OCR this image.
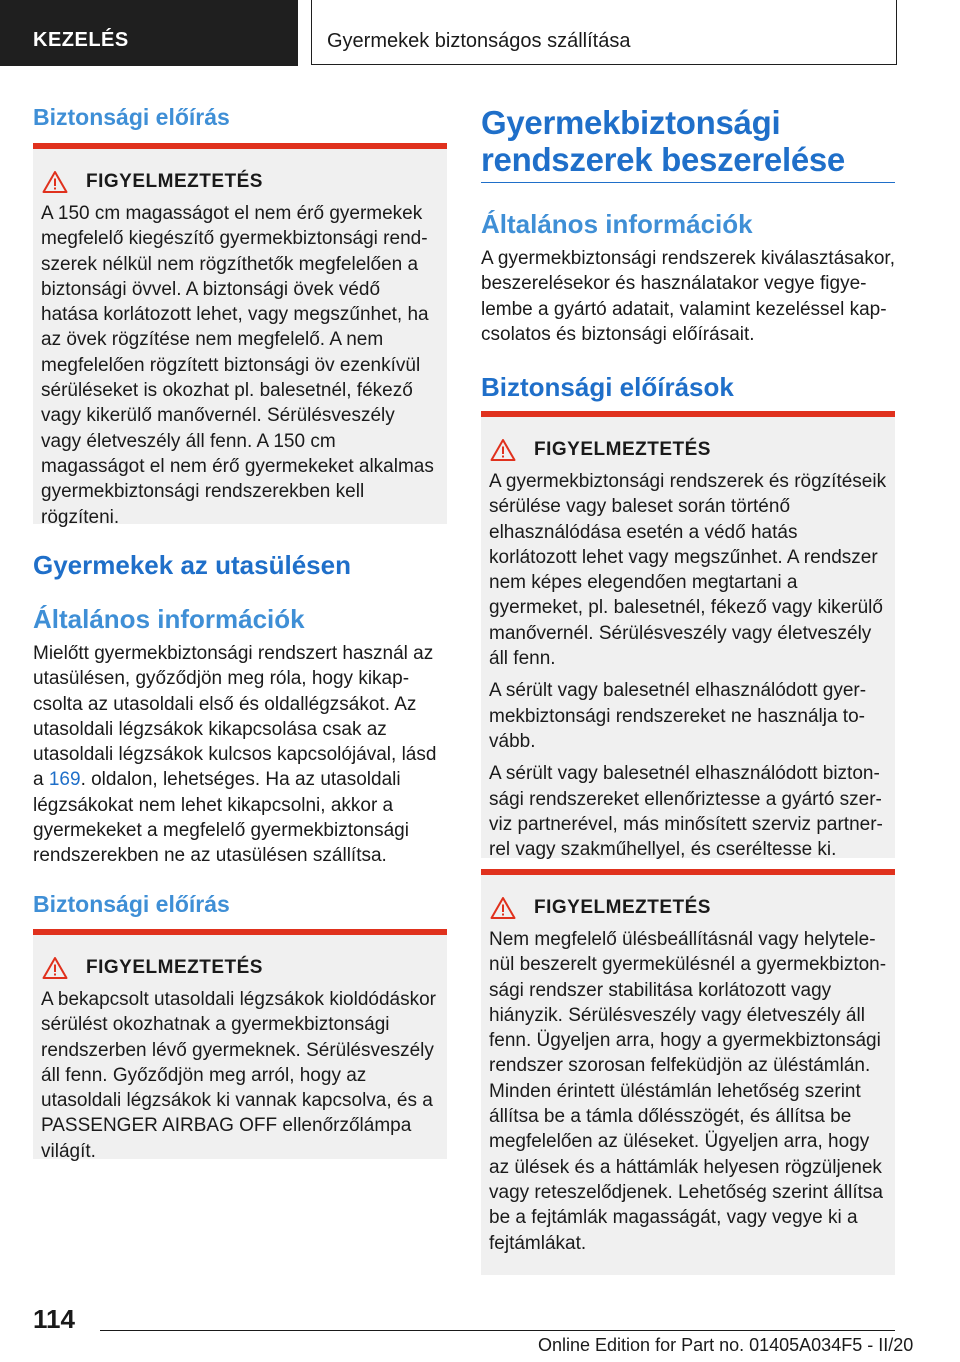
KEZELÉS	Gyermekek biztonságos szállítása
Biztonsági előírás
FIGYELMEZTETÉS
A 150 cm magasságot el nem érő gyermekek megfelelő kiegészítő gyermekbiztonsági rendszerek nélkül nem rögzíthetők megfelelően a biztonsági övvel. A biztonsági övek védő hatása korlátozott lehet, vagy megszűnhet, ha az övek rögzítése nem megfelelő. A nem megfelelően rögzített biztonsági öv ezenkívül sérüléseket is okozhat pl. balesetnél, fékező vagy kikerülő manővernél. Sérülésveszély vagy életveszély áll fenn. A 150 cm magasságot el nem érő gyermekeket alkalmas gyermekbiztonsági rendszerekben kell rögzíteni.
Gyermekek az utasülésen
Általános információk
Mielőtt gyermekbiztonsági rendszert használ az utasülésen, győződjön meg róla, hogy kikapcsolta az utasoldali első és oldallégzsákot. Az utasoldali légzsákok kikapcsolása csak az utasoldali légzsákok kulcsos kapcsolójával, lásd a 169. oldalon, lehetséges. Ha az utasoldali légzsákokat nem lehet kikapcsolni, akkor a gyermekeket a megfelelő gyermekbiztonsági rendszerekben ne az utasülésen szállítsa.
Biztonsági előírás
FIGYELMEZTETÉS
A bekapcsolt utasoldali légzsákok kioldódáskor sérülést okozhatnak a gyermekbiztonsági rendszerben lévő gyermeknek. Sérülésveszély áll fenn. Győződjön meg arról, hogy az utasoldali légzsákok ki vannak kapcsolva, és a PASSENGER AIRBAG OFF ellenőrzőlámpa világít.
Gyermekbiztonsági rendszerek beszerelése
Általános információk
A gyermekbiztonsági rendszerek kiválasztásakor, beszerelésekor és használatakor vegye figyelembe a gyártó adatait, valamint kezeléssel kapcsolatos és biztonsági előírásait.
Biztonsági előírások
FIGYELMEZTETÉS

A gyermekbiztonsági rendszerek és rögzítéseik sérülése vagy baleset során történő elhasználódása esetén a védő hatás korlátozott lehet vagy megszűnhet. A rendszer nem képes elegendően megtartani a gyermeket, pl. balesetnél, fékező vagy kikerülő manővernél. Sérülésveszély vagy életveszély áll fenn.

A sérült vagy balesetnél elhasználódott gyermekbiztonsági rendszereket ne használja tovább.

A sérült vagy balesetnél elhasználódott biztonsági rendszereket ellenőriztesse a gyártó szerviz partnerével, más minősített szerviz partnerrel vagy szakműhellyel, és cseréltesse ki.

FIGYELMEZTETÉS
Nem megfelelő ülésbeállításnál vagy helytelenül beszerelt gyermekülésnél a gyermekbiztonsági rendszer stabilitása korlátozott vagy hiányzik. Sérülésveszély vagy életveszély áll fenn. Ügyeljen arra, hogy a gyermekbiztonsági rendszer szorosan felfeküdjön az üléstámlán. Minden érintett üléstámlán lehetőség szerint állítsa be a támla dőlésszögét, és állítsa be megfelelően az üléseket. Ügyeljen arra, hogy az ülések és a háttámlák helyesen rögzüljenek vagy reteszelődjenek. Lehetőség szerint állítsa be a fejtámlák magasságát, vagy vegye ki a fejtámlákat.
114
Online Edition for Part no. 01405A034F5 - II/20
